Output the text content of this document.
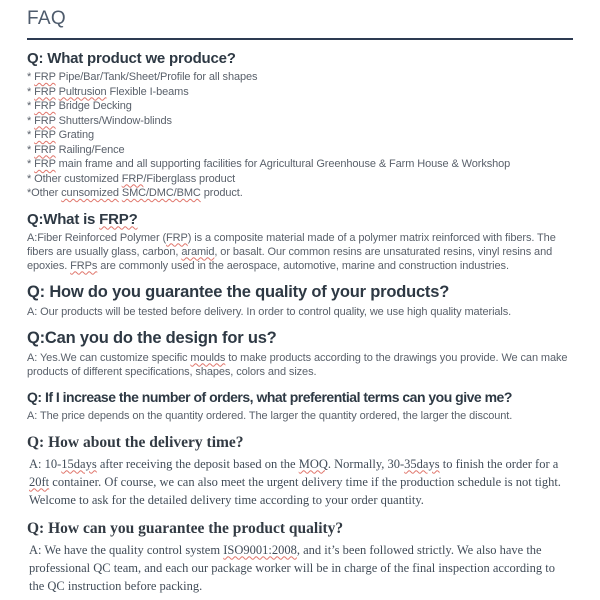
FAQ
Q: What product we produce?
* FRP Pipe/Bar/Tank/Sheet/Profile for all shapes
* FRP Pultrusion Flexible I-beams
* FRP Bridge Decking
* FRP Shutters/Window-blinds
* FRP Grating
* FRP Railing/Fence
* FRP main frame and all supporting facilities for Agricultural Greenhouse & Farm House & Workshop
* Other customized FRP/Fiberglass product
*Other cunsomized SMC/DMC/BMC product.
Q:What is FRP?

A:Fiber Reinforced Polymer (FRP) is a composite material made of a polymer matrix reinforced with fibers. The fibers are usually glass, carbon, aramid, or basalt. Our common resins are unsaturated resins, vinyl resins and epoxies. FRPs are commonly used in the aerospace, automotive, marine and construction industries.

Q: How do you guarantee the quality of your products?

A: Our products will be tested before delivery. In order to control quality, we use high quality materials.

Q:Can you do the design for us?

A: Yes.We can customize specific moulds to make products according to the drawings you provide. We can make products of different specifications, shapes, colors and sizes.

Q: If I increase the number of orders, what preferential terms can you give me?

A: The price depends on the quantity ordered. The larger the quantity ordered, the larger the discount.

Q: How about the delivery time?

A: 10-15days after receiving the deposit based on the MOQ. Normally, 30-35days to finish the order for a 20ft container. Of course, we can also meet the urgent delivery time if the production schedule is not tight. Welcome to ask for the detailed delivery time according to your order quantity.

Q: How can you guarantee the product quality?

A: We have the quality control system ISO9001:2008, and it’s been followed strictly. We also have the professional QC team, and each our package worker will be in charge of the final inspection according to the QC instruction before packing.
